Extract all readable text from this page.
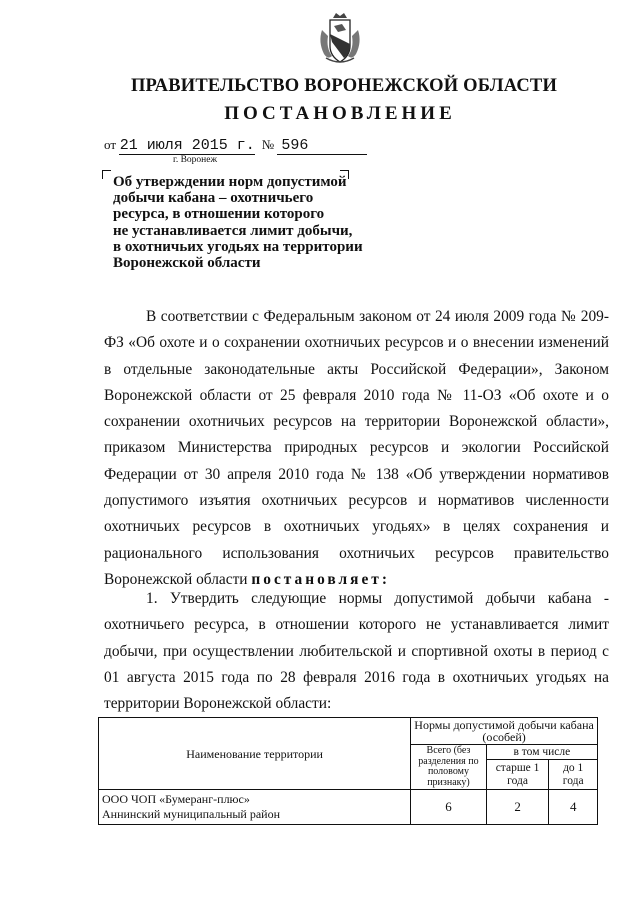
ПРАВИТЕЛЬСТВО ВОРОНЕЖСКОЙ ОБЛАСТИ
ПОСТАНОВЛЕНИЕ
от 21 июля 2015 г. № 596
г. Воронеж
Об утверждении норм допустимой
добычи кабана – охотничьего
ресурса, в отношении которого
не устанавливается лимит добычи,
в охотничьих угодьях на территории
Воронежской области
В соответствии с Федеральным законом от 24 июля 2009 года № 209-ФЗ «Об охоте и о сохранении охотничьих ресурсов и о внесении изменений в отдельные законодательные акты Российской Федерации», Законом Воронежской области от 25 февраля 2010 года № 11-ОЗ «Об охоте и о сохранении охотничьих ресурсов на территории Воронежской области», приказом Министерства природных ресурсов и экологии Российской Федерации от 30 апреля 2010 года № 138 «Об утверждении нормативов допустимого изъятия охотничьих ресурсов и нормативов численности охотничьих ресурсов в охотничьих угодьях» в целях сохранения и рационального использования охотничьих ресурсов правительство Воронежской области постановляет:
1. Утвердить следующие нормы допустимой добычи кабана - охотничьего ресурса, в отношении которого не устанавливается лимит добычи, при осуществлении любительской и спортивной охоты в период с 01 августа 2015 года по 28 февраля 2016 года в охотничьих угодьях на территории Воронежской области:
Наименование территории	Нормы допустимой добычи кабана (особей)		
	Всего (без разделения по половому признаку)	в том числе	
		старше 1 года	до 1 года

ООО ЧОП «Бумеранг-плюс»
Аннинский муниципальный район	6	2	4
